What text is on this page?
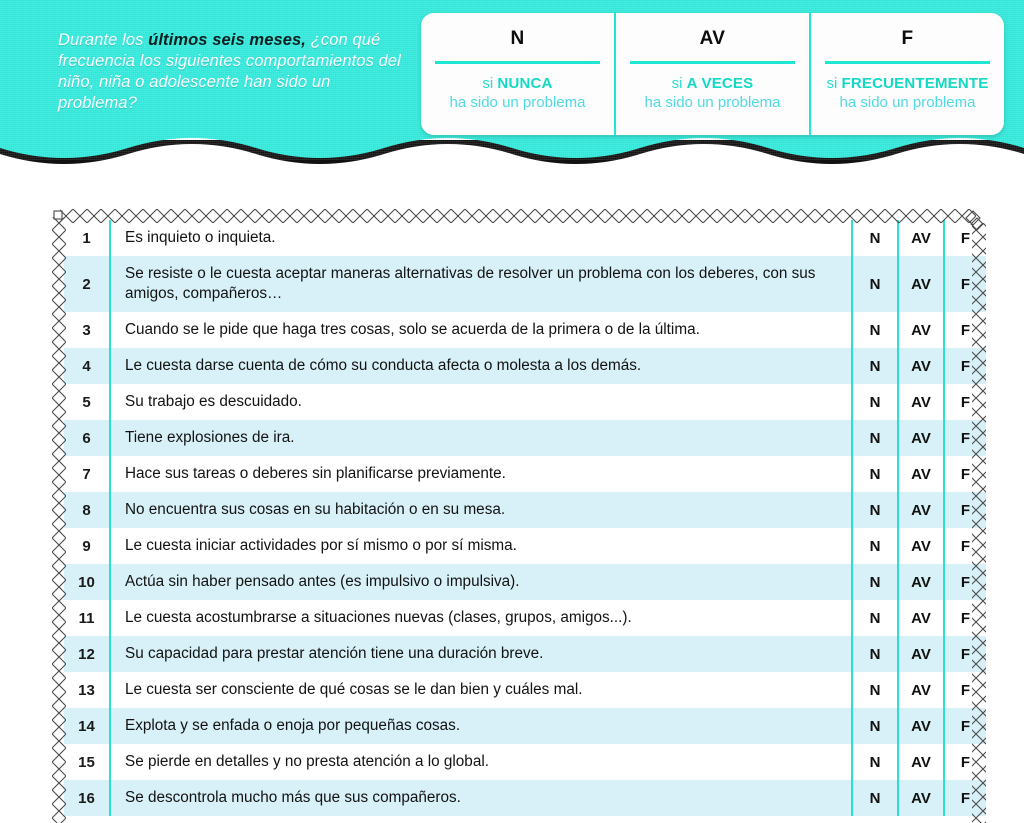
Durante los últimos seis meses, ¿con qué frecuencia los siguientes comportamientos del niño, niña o adolescente han sido un problema?
N
si NUNCA
ha sido un problema
AV
si A VECES
ha sido un problema
F
si FRECUENTEMENTE
ha sido un problema
1	Es inquieto o inquieta.	N	AV	F
2	Se resiste o le cuesta aceptar maneras alternativas de resolver un problema con los deberes, con sus amigos, compañeros…	N	AV	F
3	Cuando se le pide que haga tres cosas, solo se acuerda de la primera o de la última.	N	AV	F
4	Le cuesta darse cuenta de cómo su conducta afecta o molesta a los demás.	N	AV	F
5	Su trabajo es descuidado.	N	AV	F
6	Tiene explosiones de ira.	N	AV	F
7	Hace sus tareas o deberes sin planificarse previamente.	N	AV	F
8	No encuentra sus cosas en su habitación o en su mesa.	N	AV	F
9	Le cuesta iniciar actividades por sí mismo o por sí misma.	N	AV	F
10	Actúa sin haber pensado antes (es impulsivo o impulsiva).	N	AV	F
11	Le cuesta acostumbrarse a situaciones nuevas (clases, grupos, amigos...).	N	AV	F
12	Su capacidad para prestar atención tiene una duración breve.	N	AV	F
13	Le cuesta ser consciente de qué cosas se le dan bien y cuáles mal.	N	AV	F
14	Explota y se enfada o enoja por pequeñas cosas.	N	AV	F
15	Se pierde en detalles y no presta atención a lo global.	N	AV	F
16	Se descontrola mucho más que sus compañeros.	N	AV	F
